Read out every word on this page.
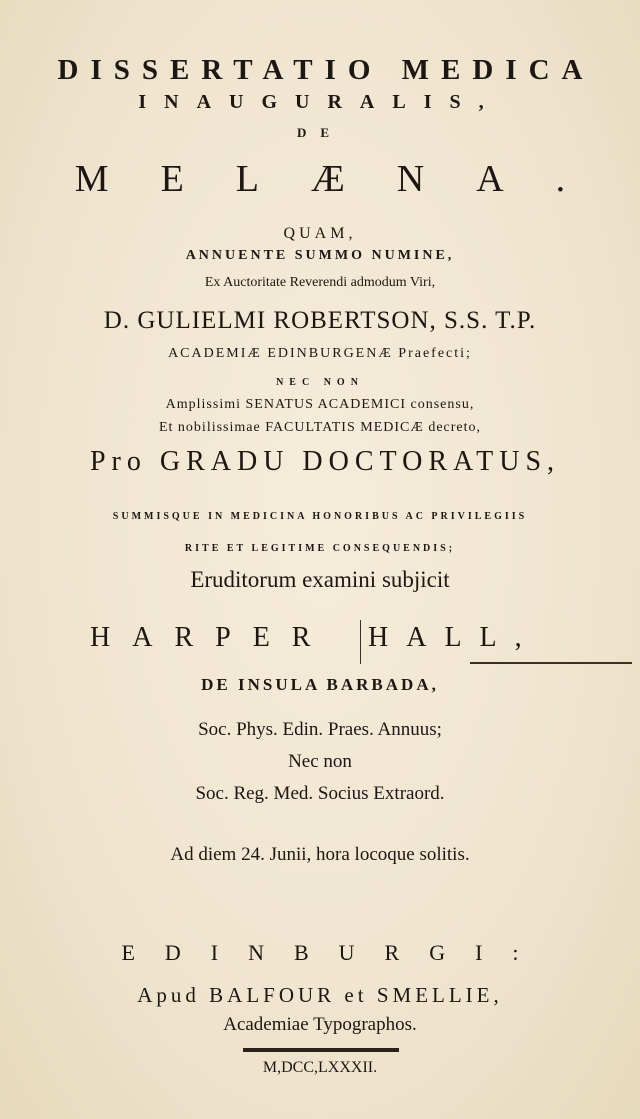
DISSERTATIO MEDICA
INAUGURALIS,
DE
MELÆNA.
QUAM,
ANNUENTE SUMMO NUMINE,
Ex Auctoritate Reverendi admodum Viri,
D. GULIELMI ROBERTSON, S.S. T.P.
ACADEMIÆ EDINBURGENÆ Praefecti;
NEC NON
Amplissimi SENATUS ACADEMICI consensu,
Et nobilissimae FACULTATIS MEDICÆ decreto,
Pro GRADU DOCTORATUS,
SUMMISQUE IN MEDICINA HONORIBUS AC PRIVILEGIIS
RITE ET LEGITIME CONSEQUENDIS;
Eruditorum examini subjicit
HARPER	HALL,
DE INSULA BARBADA,
Soc. Phys. Edin. Praes. Annuus;
Nec non
Soc. Reg. Med. Socius Extraord.
Ad diem 24. Junii, hora locoque solitis.
EDINBURGI:
Apud BALFOUR et SMELLIE,
Academiae Typographos.
M,DCC,LXXXII.
